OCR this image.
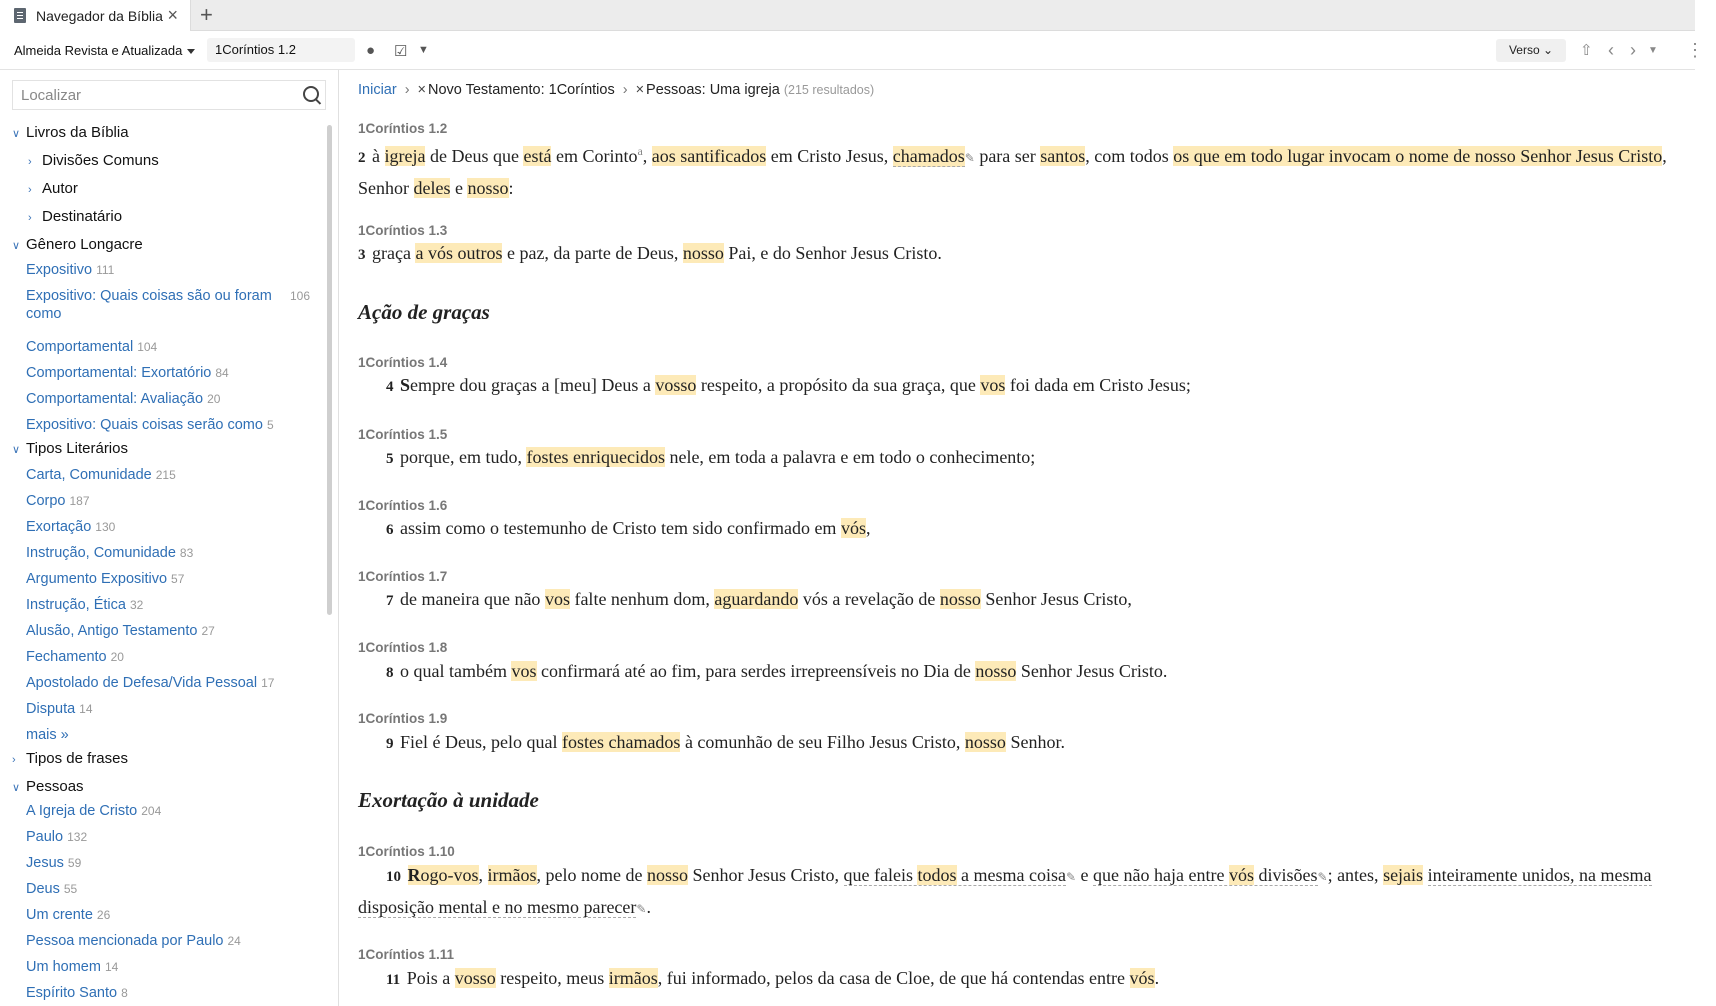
Navegador da Bíblia × +
Almeida Revista e Atualizada	1Coríntios 1.2	● ☑ ▼	Verso ⌄	⇧ ‹ › ▼ ⋮
Localizar
∨ Livros da Bíblia
› Divisões Comuns
› Autor
› Destinatário
∨ Gênero Longacre
Expositivo 111
Expositivo: Quais coisas são ou foram como
106
Comportamental 104
Comportamental: Exortatório 84
Comportamental: Avaliação 20
Expositivo: Quais coisas serão como 5
∨ Tipos Literários
Carta, Comunidade 215
Corpo 187
Exortação 130
Instrução, Comunidade 83
Argumento Expositivo 57
Instrução, Ética 32
Alusão, Antigo Testamento 27
Fechamento 20
Apostolado de Defesa/Vida Pessoal 17
Disputa 14
mais »
› Tipos de frases
∨ Pessoas
A Igreja de Cristo 204
Paulo 132
Jesus 59
Deus 55
Um crente 26
Pessoa mencionada por Paulo 24
Um homem 14
Espírito Santo 8
Iniciar › × Novo Testamento: 1Coríntios › × Pessoas: Uma igreja (215 resultados)
1Coríntios 1.2
2 à igreja de Deus que está em Corinto$^a$, aos santificados em Cristo Jesus, chamados✎ para ser santos, com todos os que em todo lugar invocam o nome de nosso Senhor Jesus Cristo, Senhor deles e nosso:
1Coríntios 1.3
3 graça a vós outros e paz, da parte de Deus, nosso Pai, e do Senhor Jesus Cristo.
Ação de graças
1Coríntios 1.4
4 Sempre dou graças a [meu] Deus a vosso respeito, a propósito da sua graça, que vos foi dada em Cristo Jesus;
1Coríntios 1.5
5 porque, em tudo, fostes enriquecidos nele, em toda a palavra e em todo o conhecimento;
1Coríntios 1.6
6 assim como o testemunho de Cristo tem sido confirmado em vós,
1Coríntios 1.7
7 de maneira que não vos falte nenhum dom, aguardando vós a revelação de nosso Senhor Jesus Cristo,
1Coríntios 1.8
8 o qual também vos confirmará até ao fim, para serdes irrepreensíveis no Dia de nosso Senhor Jesus Cristo.
1Coríntios 1.9
9 Fiel é Deus, pelo qual fostes chamados à comunhão de seu Filho Jesus Cristo, nosso Senhor.
Exortação à unidade
1Coríntios 1.10
10 Rogo-vos, irmãos, pelo nome de nosso Senhor Jesus Cristo, que faleis todos a mesma coisa✎ e que não haja entre vós divisões✎; antes, sejais inteiramente unidos, na mesma disposição mental e no mesmo parecer✎.
1Coríntios 1.11
11 Pois a vosso respeito, meus irmãos, fui informado, pelos da casa de Cloe, de que há contendas entre vós.
